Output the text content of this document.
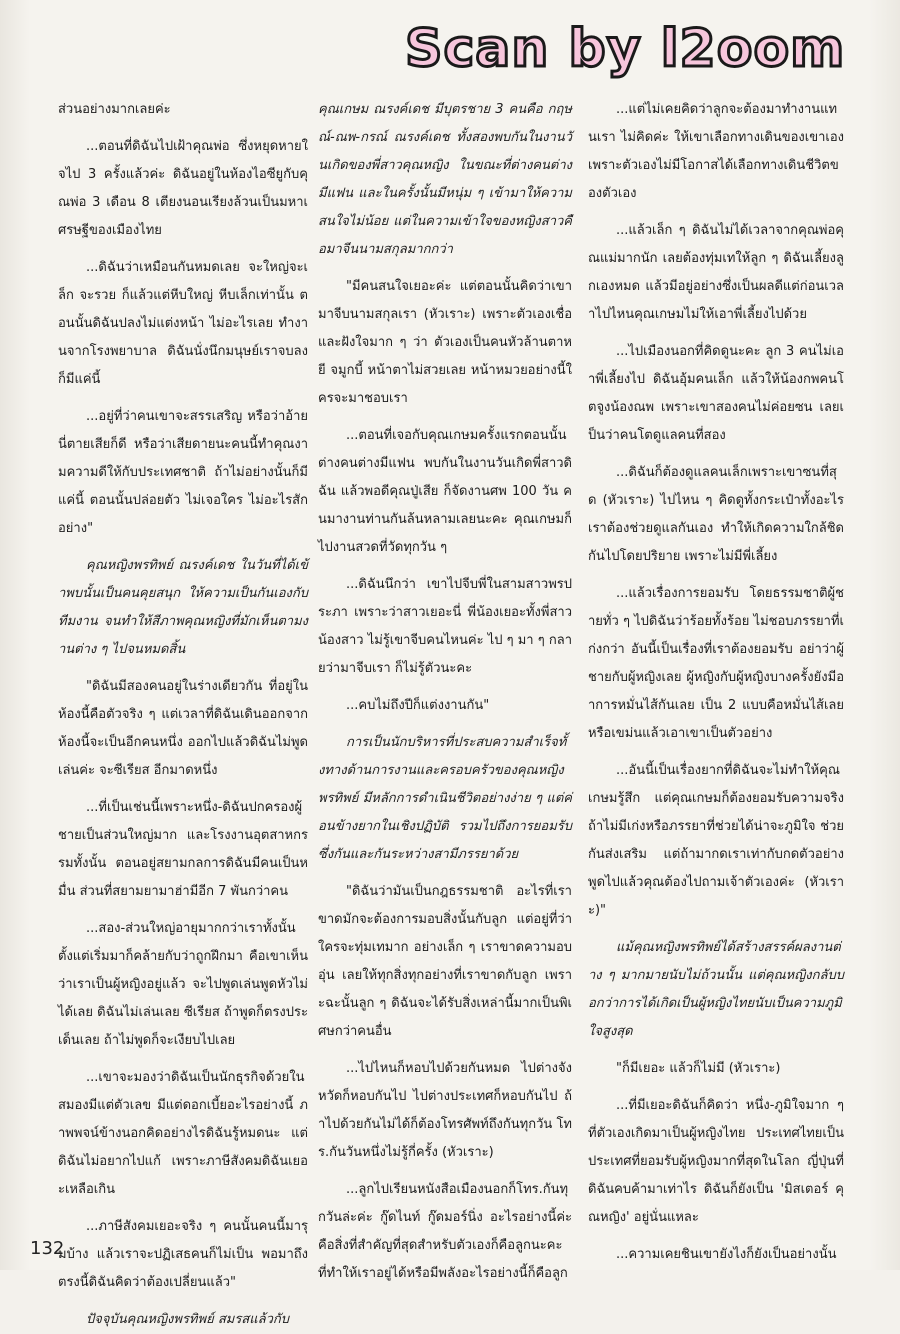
Scan by l2oom

ส่วนอย่างมากเลยค่ะ

...ตอนที่ดิฉันไปเฝ้าคุณพ่อ ซึ่งหยุดหายใจไป 3 ครั้งแล้วค่ะ ดิฉันอยู่ในห้องไอซียูกับคุณพ่อ 3 เดือน 8 เตียงนอนเรียงล้วนเป็นมหาเศรษฐีของเมืองไทย

...ดิฉันว่าเหมือนกันหมดเลย จะใหญ่จะเล็ก จะรวย ก็แล้วแต่หีบใหญ่ หีบเล็กเท่านั้น ตอนนั้นดิฉันปลงไม่แต่งหน้า ไม่อะไรเลย ทำงานจากโรงพยาบาล ดิฉันนั่งนึกมนุษย์เราจบลงก็มีแค่นี้

...อยู่ที่ว่าคนเขาจะสรรเสริญ หรือว่าอ้ายนี่ตายเสียก็ดี หรือว่าเสียดายนะคนนี้ทำคุณงามความดีให้กับประเทศชาติ ถ้าไม่อย่างนั้นก็มีแค่นี้ ตอนนั้นปล่อยตัว ไม่เจอใคร ไม่อะไรสักอย่าง"

คุณหญิงพรทิพย์ ณรงค์เดช ในวันที่ได้เข้าพบนั้นเป็นคนคุยสนุก ให้ความเป็นกันเองกับทีมงาน จนทำให้สีภาพคุณหญิงที่มักเห็นตามงานต่าง ๆ ไปจนหมดสิ้น

"ดิฉันมีสองคนอยู่ในร่างเดียวกัน ที่อยู่ในห้องนี้คือตัวจริง ๆ แต่เวลาที่ดิฉันเดินออกจากห้องนี้จะเป็นอีกคนหนึ่ง ออกไปแล้วดิฉันไม่พูดเล่นค่ะ จะซีเรียส อีกมาดหนึ่ง

...ที่เป็นเช่นนี้เพราะหนึ่ง-ดิฉันปกครองผู้ชายเป็นส่วนใหญ่มาก และโรงงานอุตสาหกรรมทั้งนั้น ตอนอยู่สยามกลการดิฉันมีคนเป็นหมื่น ส่วนที่สยามยามาฮ่ามีอีก 7 พันกว่าคน

...สอง-ส่วนใหญ่อายุมากกว่าเราทั้งนั้น ตั้งแต่เริ่มมาก็คล้ายกับว่าถูกฝึกมา คือเขาเห็นว่าเราเป็นผู้หญิงอยู่แล้ว จะไปพูดเล่นพูดหัวไม่ได้เลย ดิฉันไม่เล่นเลย ซีเรียส ถ้าพูดก็ตรงประเด็นเลย ถ้าไม่พูดก็จะเงียบไปเลย

...เขาจะมองว่าดิฉันเป็นนักธุรกิจด้วยในสมองมีแต่ตัวเลข มีแต่ดอกเบี้ยอะไรอย่างนี้ ภาพพจน์ข้างนอกคิดอย่างไรดิฉันรู้หมดนะ แต่ดิฉันไม่อยากไปแก้ เพราะภาษีสังคมดิฉันเยอะเหลือเกิน

...ภาษีสังคมเยอะจริง ๆ คนนั้นคนนี้มารุมบ้าง แล้วเราจะปฏิเสธคนก็ไม่เป็น พอมาถึงตรงนี้ดิฉันคิดว่าต้องเปลี่ยนแล้ว"

ปัจจุบันคุณหญิงพรทิพย์ สมรสแล้วกับ

คุณเกษม ณรงค์เดช มีบุตรชาย 3 คนคือ กฤษณ์-ณพ-กรณ์ ณรงค์เดช ทั้งสองพบกันในงานวันเกิดของพี่สาวคุณหญิง ในขณะที่ต่างคนต่างมีแฟน และในครั้งนั้นมีหนุ่ม ๆ เข้ามาให้ความสนใจไม่น้อย แต่ในความเข้าใจของหญิงสาวคือมาจีนนามสกุลมากกว่า

"มีคนสนใจเยอะค่ะ แต่ตอนนั้นคิดว่าเขามาจีบนามสกุลเรา (หัวเราะ) เพราะตัวเองเชื่อและฝังใจมาก ๆ ว่า ตัวเองเป็นคนหัวล้านตาหยี จมูกบี้ หน้าตาไม่สวยเลย หน้าหมวยอย่างนี้ใครจะมาชอบเรา

...ตอนที่เจอกับคุณเกษมครั้งแรกตอนนั้นต่างคนต่างมีแฟน พบกันในงานวันเกิดพี่สาวดิฉัน แล้วพอดีคุณปู่เสีย ก็จัดงานศพ 100 วัน คนมางานท่านกันล้นหลามเลยนะคะ คุณเกษมก็ไปงานสวดที่วัดทุกวัน ๆ

...ดิฉันนึกว่า เขาไปจีบพี่ในสามสาวพรประภา เพราะว่าสาวเยอะนี่ พี่น้องเยอะทั้งพี่สาวน้องสาว ไม่รู้เขาจีบคนไหนค่ะ ไป ๆ มา ๆ กลายว่ามาจีบเรา ก็ไม่รู้ตัวนะคะ

...คบไม่ถึงปีก็แต่งงานกัน"

การเป็นนักบริหารที่ประสบความสำเร็จทั้งทางด้านการงานและครอบครัวของคุณหญิงพรทิพย์ มีหลักการดำเนินชีวิตอย่างง่าย ๆ แต่ค่อนข้างยากในเชิงปฏิบัติ รวมไปถึงการยอมรับซึ่งกันและกันระหว่างสามีภรรยาด้วย

"ดิฉันว่ามันเป็นกฎธรรมชาติ อะไรที่เราขาดมักจะต้องการมอบสิ่งนั้นกับลูก แต่อยู่ที่ว่าใครจะทุ่มเทมาก อย่างเล็ก ๆ เราขาดความอบอุ่น เลยให้ทุกสิ่งทุกอย่างที่เราขาดกับลูก เพราะฉะนั้นลูก ๆ ดิฉันจะได้รับสิ่งเหล่านี้มากเป็นพิเศษกว่าคนอื่น

...ไปไหนก็หอบไปด้วยกันหมด ไปต่างจังหวัดก็หอบกันไป ไปต่างประเทศก็หอบกันไป ถ้าไปด้วยกันไม่ได้ก็ต้องโทรศัพท์ถึงกันทุกวัน โทร.กันวันหนึ่งไม่รู้กี่ครั้ง (หัวเราะ)

...ลูกไปเรียนหนังสือเมืองนอกก็โทร.กันทุกวันล่ะค่ะ กู๊ดไนท์ กู๊ดมอร์นิ่ง อะไรอย่างนี้ค่ะ คือสิ่งที่สำคัญที่สุดสำหรับตัวเองก็คือลูกนะคะ ที่ทำให้เราอยู่ได้หรือมีพลังอะไรอย่างนี้ก็คือลูก

...แต่ไม่เคยคิดว่าลูกจะต้องมาทำงานแทนเรา ไม่คิดค่ะ ให้เขาเลือกทางเดินของเขาเอง เพราะตัวเองไม่มีโอกาสได้เลือกทางเดินชีวิตของตัวเอง

...แล้วเล็ก ๆ ดิฉันไม่ได้เวลาจากคุณพ่อคุณแม่มากนัก เลยต้องทุ่มเทให้ลูก ๆ ดิฉันเลี้ยงลูกเองหมด แล้วมีอยู่อย่างซึ่งเป็นผลดีแต่ก่อนเวลาไปไหนคุณเกษมไม่ให้เอาพี่เลี้ยงไปด้วย

...ไปเมืองนอกที่คิดดูนะคะ ลูก 3 คนไม่เอาพี่เลี้ยงไป ดิฉันอุ้มคนเล็ก แล้วให้น้องกพคนโตจูงน้องณพ เพราะเขาสองคนไม่ค่อยซน เลยเป็นว่าคนโตดูแลคนที่สอง

...ดิฉันก็ต้องดูแลคนเล็กเพราะเขาซนที่สุด (หัวเราะ) ไปไหน ๆ คิดดูทั้งกระเป๋าทั้งอะไร เราต้องช่วยดูแลกันเอง ทำให้เกิดความใกล้ชิดกันไปโดยปริยาย เพราะไม่มีพี่เลี้ยง

...แล้วเรื่องการยอมรับ โดยธรรมชาติผู้ชายทั่ว ๆ ไปดิฉันว่าร้อยทั้งร้อย ไม่ชอบภรรยาที่เก่งกว่า อันนี้เป็นเรื่องที่เราต้องยอมรับ อย่าว่าผู้ชายกับผู้หญิงเลย ผู้หญิงกับผู้หญิงบางครั้งยังมีอาการหมั่นไส้กันเลย เป็น 2 แบบคือหมั่นไส้เลยหรือเขม่นแล้วเอาเขาเป็นตัวอย่าง

...อันนี้เป็นเรื่องยากที่ดิฉันจะไม่ทำให้คุณเกษมรู้สึก แต่คุณเกษมก็ต้องยอมรับความจริง ถ้าไม่มีเก่งหรือภรรยาที่ช่วยได้น่าจะภูมิใจ ช่วยกันส่งเสริม แต่ถ้ามากดเราเท่ากับกดตัวอย่าง พูดไปแล้วคุณต้องไปถามเจ้าตัวเองค่ะ (หัวเราะ)"

แม้คุณหญิงพรทิพย์ได้สร้างสรรค์ผลงานต่าง ๆ มากมายนับไม่ถ้วนนั้น แต่คุณหญิงกลับบอกว่าการได้เกิดเป็นผู้หญิงไทยนับเป็นความภูมิใจสูงสุด

"ก็มีเยอะ แล้วก็ไม่มี (หัวเราะ)

...ที่มีเยอะดิฉันก็คิดว่า หนึ่ง-ภูมิใจมาก ๆ ที่ตัวเองเกิดมาเป็นผู้หญิงไทย ประเทศไทยเป็นประเทศที่ยอมรับผู้หญิงมากที่สุดในโลก ญี่ปุ่นที่ดิฉันคบค้ามาเท่าไร ดิฉันก็ยังเป็น 'มิสเตอร์ คุณหญิง' อยู่นั่นแหละ

...ความเคยชินเขายังไงก็ยังเป็นอย่างนั้น

132
